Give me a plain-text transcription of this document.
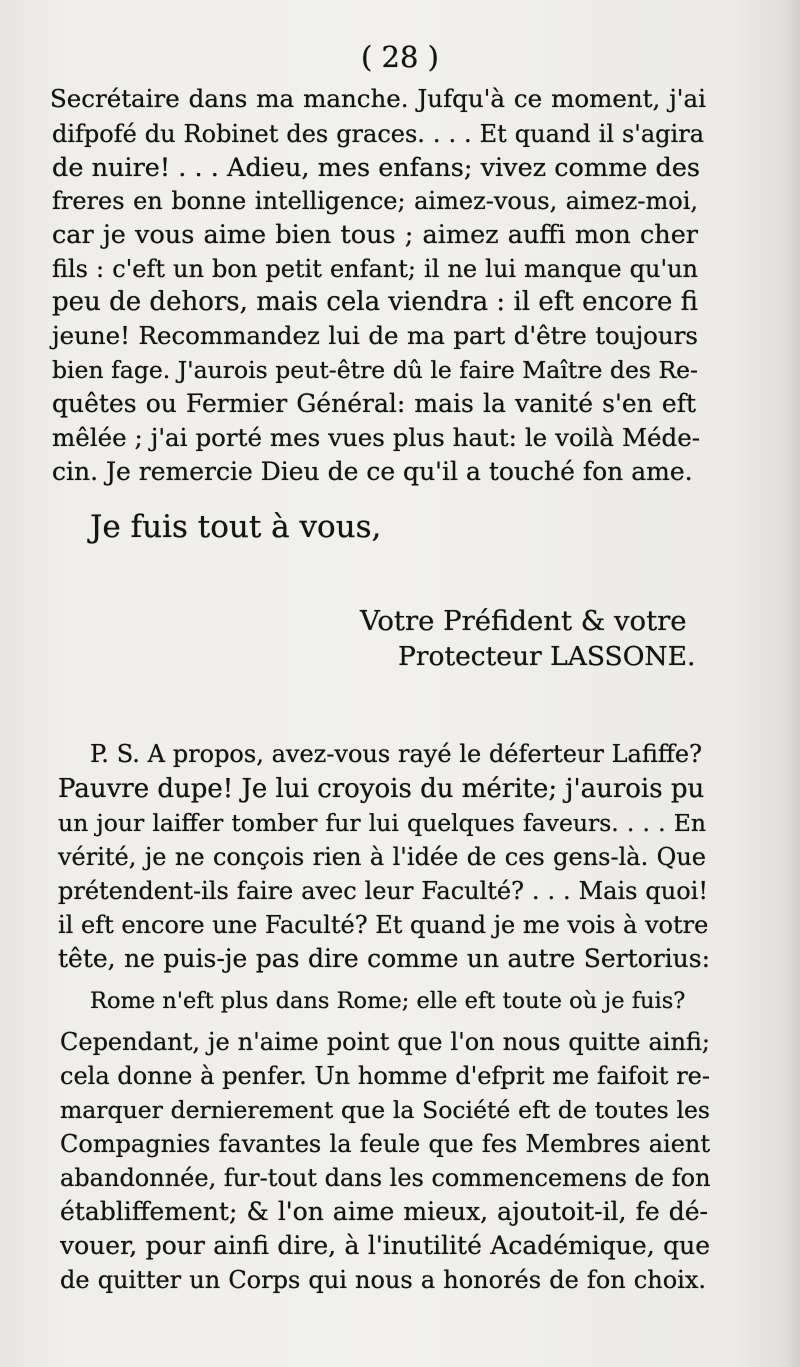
( 28 )
Secrétaire dans ma manche. Jufqu'à ce moment, j'ai
difpofé du Robinet des graces. . . . Et quand il s'agira
de nuire! . . . Adieu, mes enfans; vivez comme des
freres en bonne intelligence; aimez-vous, aimez-moi,
car je vous aime bien tous ; aimez auffi mon cher
fils : c'eft un bon petit enfant; il ne lui manque qu'un
peu de dehors, mais cela viendra : il eft encore fi
jeune! Recommandez lui de ma part d'être toujours
bien fage. J'aurois peut-être dû le faire Maître des Re-
quêtes ou Fermier Général: mais la vanité s'en eft
mêlée ; j'ai porté mes vues plus haut: le voilà Méde-
cin. Je remercie Dieu de ce qu'il a touché fon ame.
Je fuis tout à vous,
Votre Préfident & votre
Protecteur LASSONE.
P. S. A propos, avez-vous rayé le déferteur Lafiffe?
Pauvre dupe! Je lui croyois du mérite; j'aurois pu
un jour laiffer tomber fur lui quelques faveurs. . . . En
vérité, je ne conçois rien à l'idée de ces gens-là. Que
prétendent-ils faire avec leur Faculté? . . . Mais quoi!
il eft encore une Faculté? Et quand je me vois à votre
tête, ne puis-je pas dire comme un autre Sertorius:
Rome n'eft plus dans Rome; elle eft toute où je fuis?
Cependant, je n'aime point que l'on nous quitte ainfi;
cela donne à penfer. Un homme d'efprit me faifoit re-
marquer dernierement que la Société eft de toutes les
Compagnies favantes la feule que fes Membres aient
abandonnée, fur-tout dans les commencemens de fon
établiffement; & l'on aime mieux, ajoutoit-il, fe dé-
vouer, pour ainfi dire, à l'inutilité Académique, que
de quitter un Corps qui nous a honorés de fon choix.
